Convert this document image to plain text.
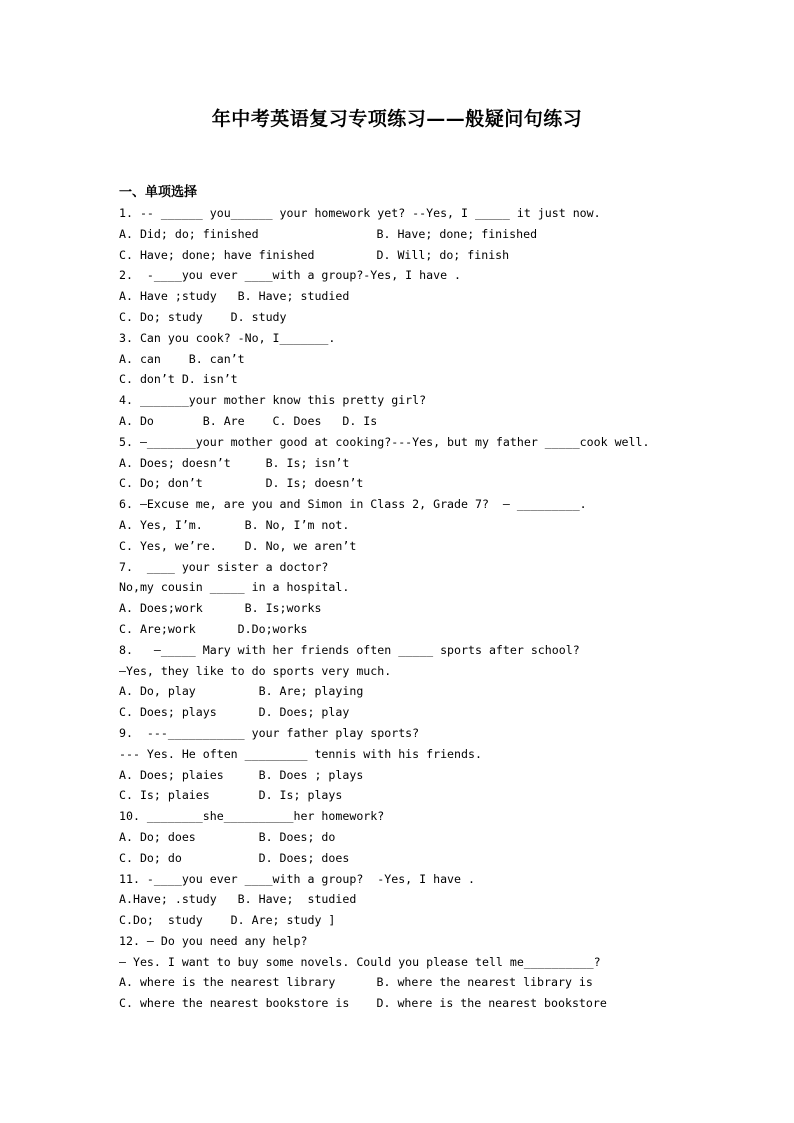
年中考英语复习专项练习——般疑问句练习
一、单项选择
1. -- ______ you______ your homework yet? --Yes, I _____ it just now.
A. Did; do; finished	B. Have; done; finished
C. Have; done; have finished	D. Will; do; finish
2.  -____you ever ____with a group?-Yes, I have .
A. Have ;study   B. Have; studied
C. Do; study    D. study
3. Can you cook? -No, I_______.
A. can    B. can’t
C. don’t D. isn’t
4. _______your mother know this pretty girl?
A. Do       B. Are    C. Does   D. Is
5. —_______your mother good at cooking?---Yes, but my father _____cook well.
A. Does; doesn’t     B. Is; isn’t
C. Do; don’t         D. Is; doesn’t
6. —Excuse me, are you and Simon in Class 2, Grade 7?  — _________.
A. Yes, I’m.      B. No, I’m not.
C. Yes, we’re.    D. No, we aren’t
7.  ____ your sister a doctor?
No,my cousin _____ in a hospital.
A. Does;work      B. Is;works
C. Are;work      D.Do;works
8.   —_____ Mary with her friends often _____ sports after school?
—Yes, they like to do sports very much.
A. Do, play         B. Are; playing
C. Does; plays      D. Does; play
9.  ---___________ your father play sports?
--- Yes. He often _________ tennis with his friends.
A. Does; plaies     B. Does ; plays
C. Is; plaies       D. Is; plays
10. ________she__________her homework?
A. Do; does         B. Does; do
C. Do; do           D. Does; does
11. -____you ever ____with a group?  -Yes, I have .
A.Have; .study   B. Have;  studied
C.Do;  study    D. Are; study ]
12. — Do you need any help?
— Yes. I want to buy some novels. Could you please tell me__________?
A. where is the nearest library	B. where the nearest library is
C. where the nearest bookstore is D. where is the nearest bookstore
